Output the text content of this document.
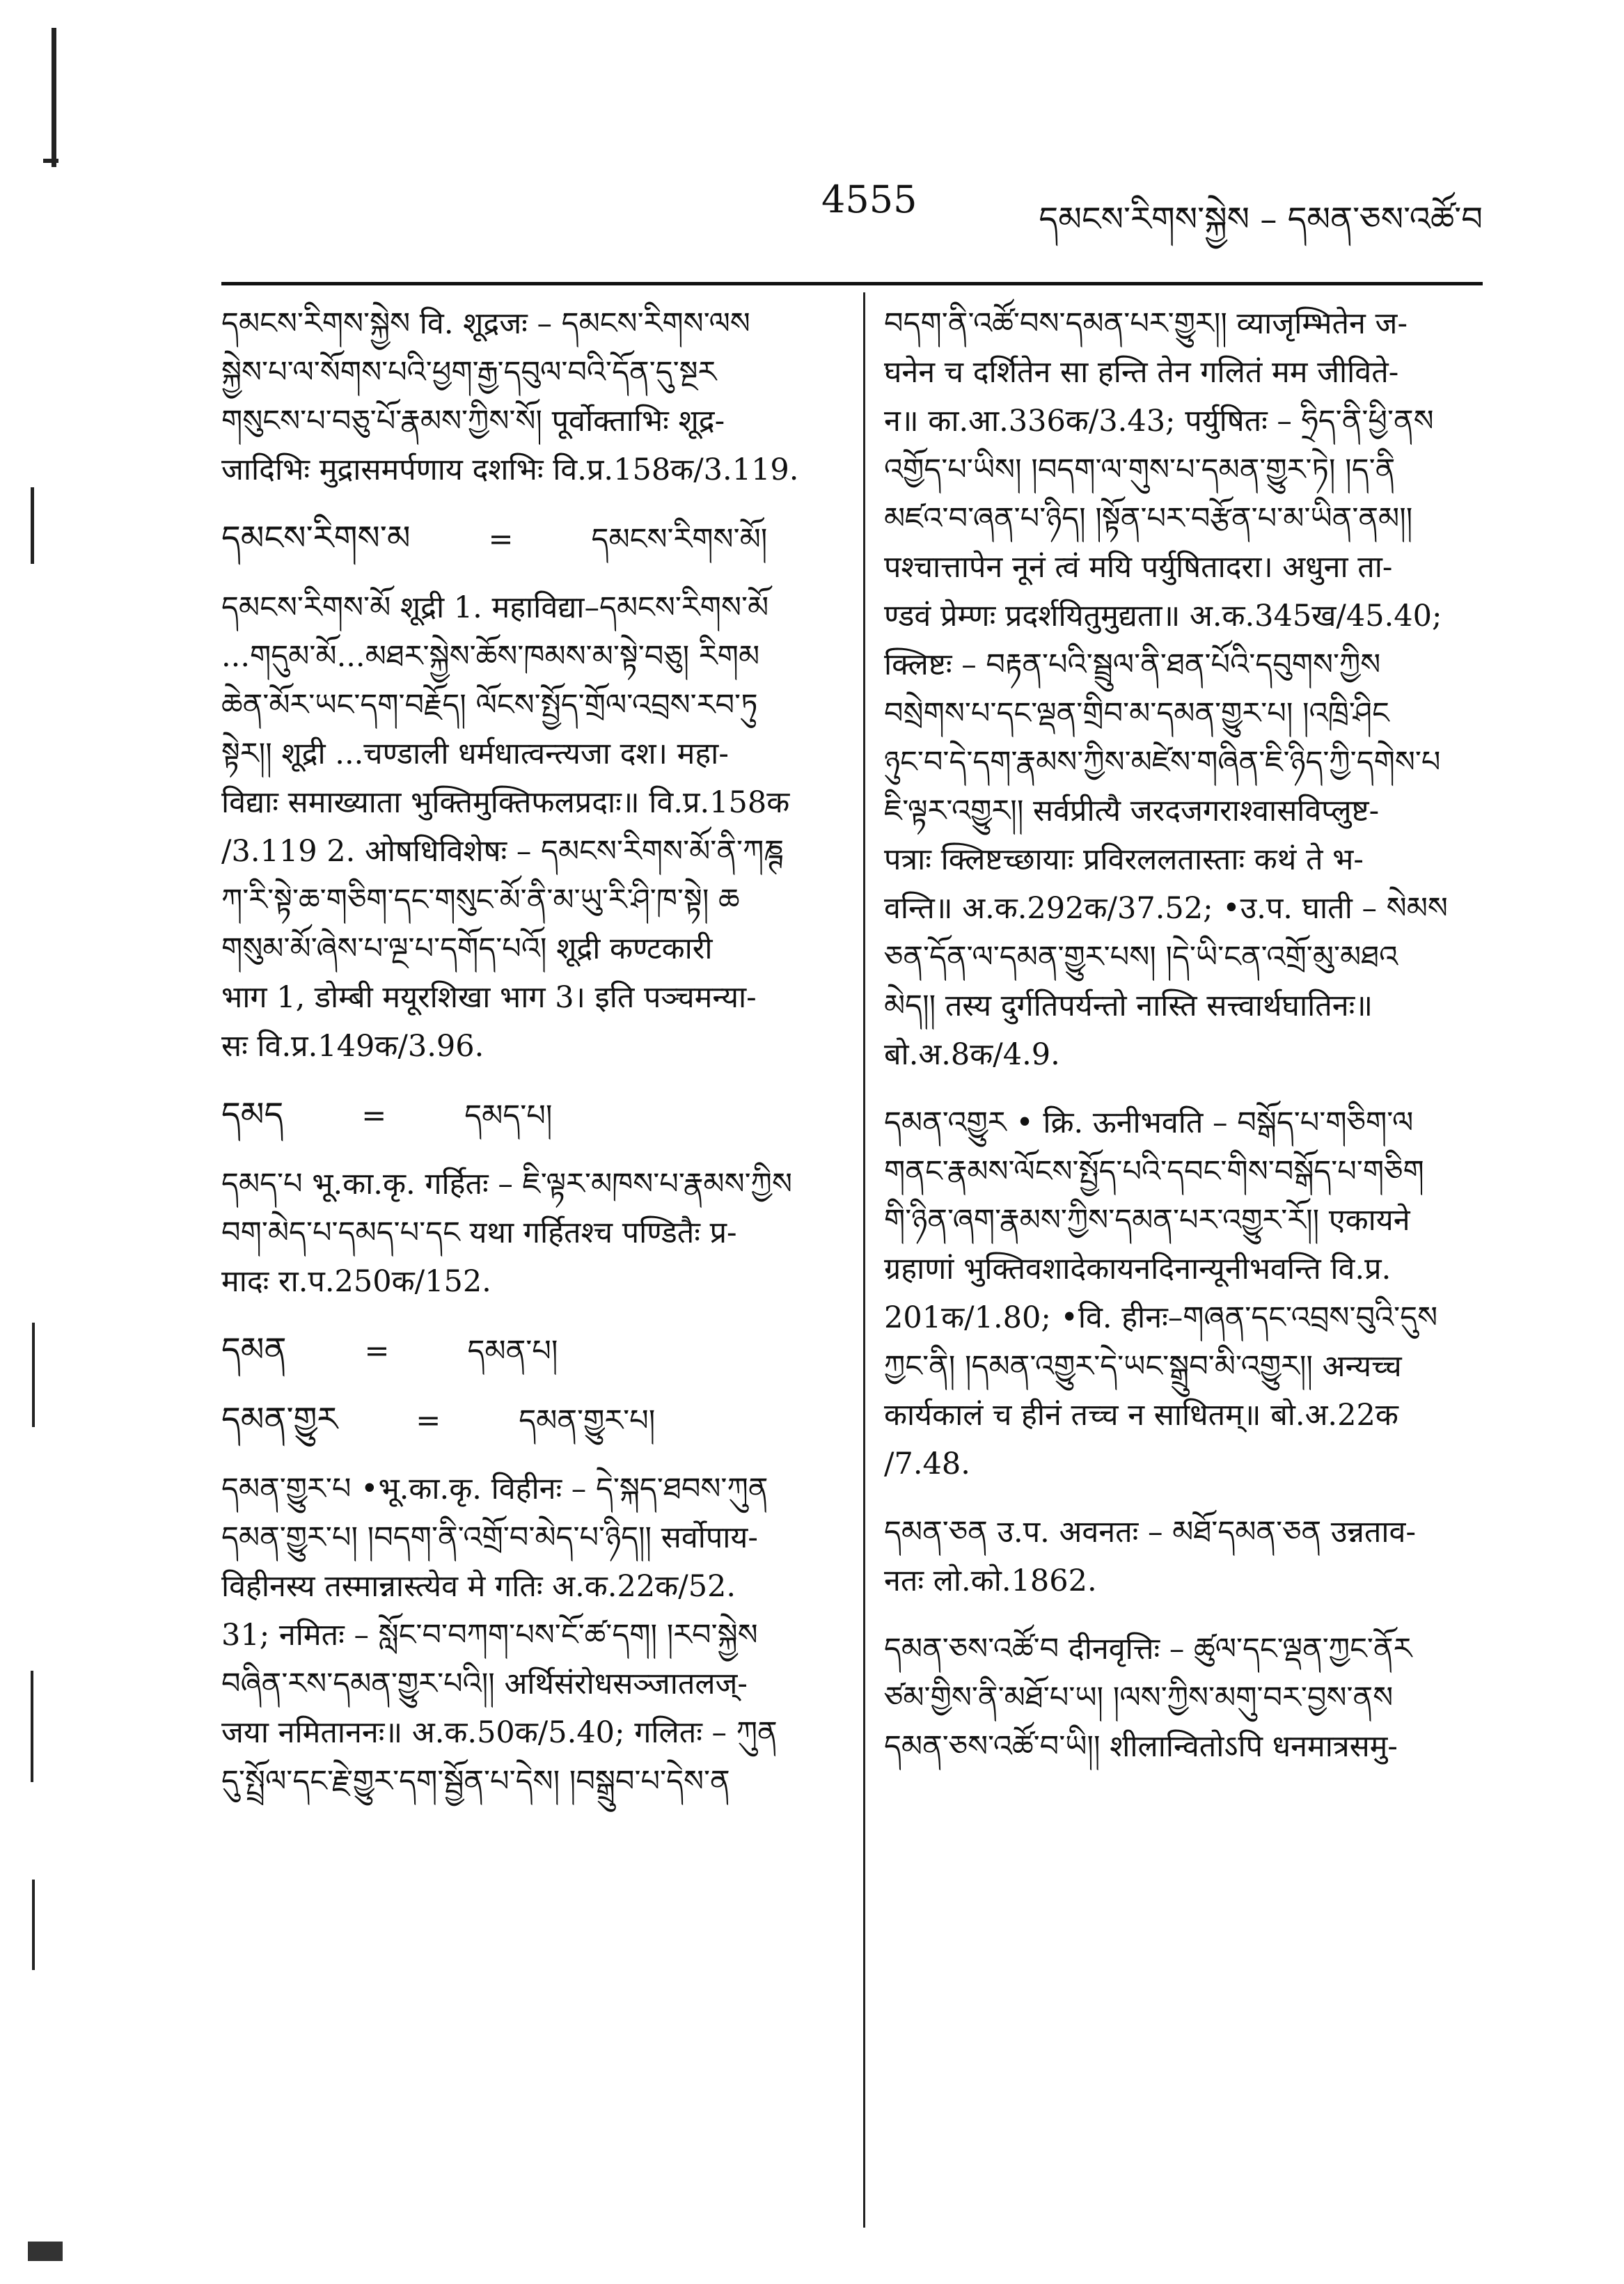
4555	དམངས་རིགས་སྐྱེས – དམན་ཅས་འཚོ་བ

དམངས་རིགས་སྐྱེས वि. शूद्रजः – དམངས་རིགས་ལས

སྐྱེས་པ་ལ་སོགས་པའི་ཕྱག་རྒྱ་དབུལ་བའི་དོན་དུ་སྔར

གསུངས་པ་བཅུ་པོ་རྣམས་ཀྱིས་སོ། पूर्वोक्ताभिः शूद्र-

जादिभिः मुद्रासमर्पणाय दशभिः वि.प्र.158क/3.119.

དམངས་རིགས་མ	=	དམངས་རིགས་མོ།

དམངས་རིགས་མོ शूद्री 1. महाविद्या–དམངས་རིགས་མོ

...གདུམ་མོ...མཐར་སྐྱེས་ཆོས་ཁམས་མ་སྟེ་བཅུ། རིགམ

ཆེན་མོར་ཡང་དག་བརྗོད། ལོངས་སྤྱོད་གྲོལ་འབྲས་རབ་ཏུ

སྟེར།། शूद्री ...चण्डाली धर्मधात्वन्त्यजा दश। महा-

विद्याः समाख्याता भुक्तिमुक्तिफलप्रदाः॥ वि.प्र.158क

/3.119 2. ओषधिविशेषः – དམངས་རིགས་མོ་ནི་ཀཎྚ

ཀ་རི་སྟེ་ཆ་གཅིག་དང་གསུང་མོ་ནི་མ་ཡུ་རི་ཤི་ཁ་སྟེ། ཆ

གསུམ་མོ་ཞེས་པ་ལྔ་པ་དགོད་པའོ། शूद्री कण्टकारी

भाग 1, डोम्बी मयूरशिखा भाग 3। इति पञ्चमन्या-

सः वि.प्र.149क/3.96.

དམད	=	དམད་པ།

དམད་པ भू.का.कृ. गर्हितः – ཇི་ལྟར་མཁས་པ་རྣམས་ཀྱིས

བག་མེད་པ་དམད་པ་དང यथा गर्हितश्च पण्डितैः प्र-

मादः रा.प.250क/152.

དམན	=	དམན་པ།
དམན་གྱུར	=	དམན་གྱུར་པ།

དམན་གྱུར་པ •भू.का.कृ. विहीनः – དེ་སྐད་ཐབས་ཀུན

དམན་གྱུར་པ། །བདག་ནི་འགྲོ་བ་མེད་པ་ཉིད།། सर्वोपाय-

विहीनस्य तस्मान्नास्त्येव मे गतिः अ.क.22क/52.

31; नमितः – སློང་བ་བཀག་པས་ངོ་ཚ་དག། །རབ་སྐྱེས

བཞིན་རས་དམན་གྱུར་པའི།། अर्थिसंरोधसञ्जातलज्-

जया नमिताननः॥ अ.क.50क/5.40; गलितः – ཀུན

དུ་སྤྲོལ་དང་རྗེ་གྱུར་དག་སྦྱོན་པ་དེས། །བསྒྲུབ་པ་དེས་ན

བདག་ནི་འཚོ་བས་དམན་པར་གྱུར།། व्याजृम्भितेन ज-

घनेन च दर्शितेन सा हन्ति तेन गलितं मम जीविते-

न॥ का.आ.336क/3.43; पर्युषितः – ཧྲིད་ནི་ཕྱི་ནས

འགྱོད་པ་ཡིས། །བདག་ལ་གུས་པ་དམན་གྱུར་ཏེ། །ད་ནི

མཛའ་བ་ཞན་པ་ཉིད། །སྟོན་པར་བརྩོན་པ་མ་ཡིན་ནམ།།

पश्चात्तापेन नूनं त्वं मयि पर्युषितादरा। अधुना ता-

ण्डवं प्रेम्णः प्रदर्शयितुमुद्यता॥ अ.क.345ख/45.40;

क्लिष्टः – བརྟན་པའི་སྦྲུལ་ནི་ཐན་པོའི་དབུགས་ཀྱིས

བསྲེགས་པ་དང་ལྡན་གྲིབ་མ་དམན་གྱུར་པ། །འཁྲི་ཤིང

ཉུང་བ་དེ་དག་རྣམས་ཀྱིས་མཛེས་གཞིན་ཇི་ཉིད་ཀྱི་དགེས་པ

ཇི་ལྟར་འགྱུར།། सर्वप्रीत्यै जरदजगराश्वासविप्लुष्ट-

पत्राः क्लिष्टच्छायाः प्रविरललतास्ताः कथं ते भ-

वन्ति॥ अ.क.292क/37.52; •उ.प. घाती – སེམས

ཅན་དོན་ལ་དམན་གྱུར་པས། །དེ་ཡི་ངན་འགྲོ་མུ་མཐའ

མེད།། तस्य दुर्गतिपर्यन्तो नास्ति सत्त्वार्थघातिनः॥

बो.अ.8क/4.9.

དམན་འགྱུར • क्रि. ऊनीभवति – བསྒོད་པ་གཅིག་ལ

གནང་རྣམས་ལོངས་སྤྱོད་པའི་དབང་གིས་བསྒོད་པ་གཅིག

གི་ཉིན་ཞག་རྣམས་ཀྱིས་དམན་པར་འགྱུར་རོ།། एकायने

ग्रहाणां भुक्तिवशादेकायनदिनान्यूनीभवन्ति वि.प्र.

201क/1.80; •वि. हीनः–གཞན་དང་འབྲས་བུའི་དུས

ཀྱང་ནི། །དམན་འགྱུར་དེ་ཡང་སྒྲུབ་མི་འགྱུར།། अन्यच्च

कार्यकालं च हीनं तच्च न साधितम्॥ बो.अ.22क

/7.48.

དམན་ཅན उ.प. अवनतः – མཐོ་དམན་ཅན उन्नताव-

नतः लो.को.1862.

དམན་ཅས་འཚོ་བ दीनवृत्तिः – ཚུལ་དང་ལྡན་ཀྱང་ནོར

ཙམ་གྱིས་ནི་མཐོ་པ་ཡ། །ལས་ཀྱིས་མགུ་བར་བྱས་ནས

དམན་ཅས་འཚོ་བ་ཡི།། शीलान्वितोऽपि धनमात्रसमु-
